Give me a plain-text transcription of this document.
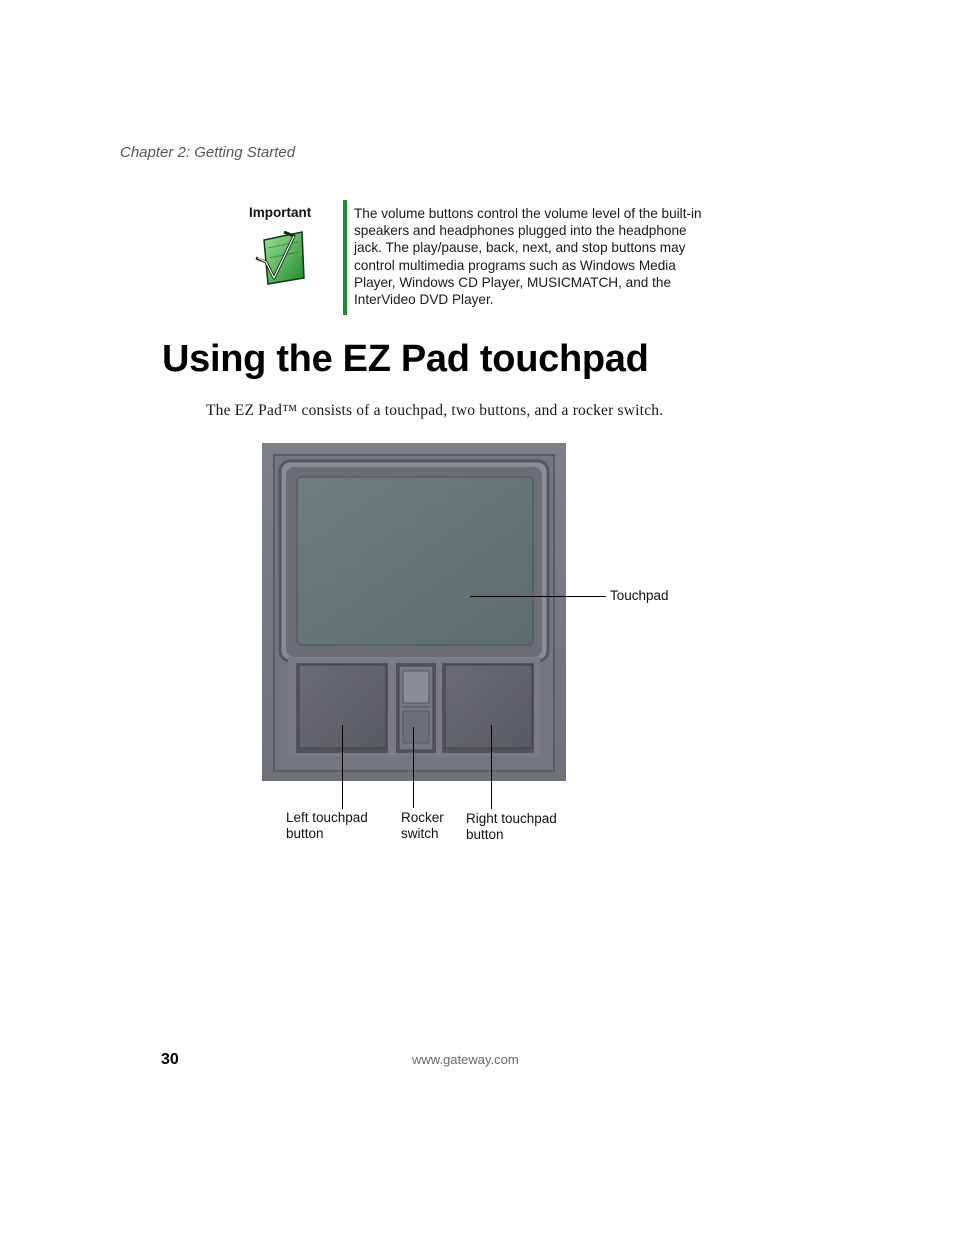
Chapter 2: Getting Started
Important	The volume buttons control the volume level of the built-in speakers and headphones plugged into the headphone jack. The play/pause, back, next, and stop buttons may control multimedia programs such as Windows Media Player, Windows CD Player, MUSICMATCH, and the InterVideo DVD Player.
Using the EZ Pad touchpad
The EZ Pad™ consists of a touchpad, two buttons, and a rocker switch.
Touchpad
Left touchpad
button
Rocker
switch
Right touchpad
button
30	www.gateway.com
